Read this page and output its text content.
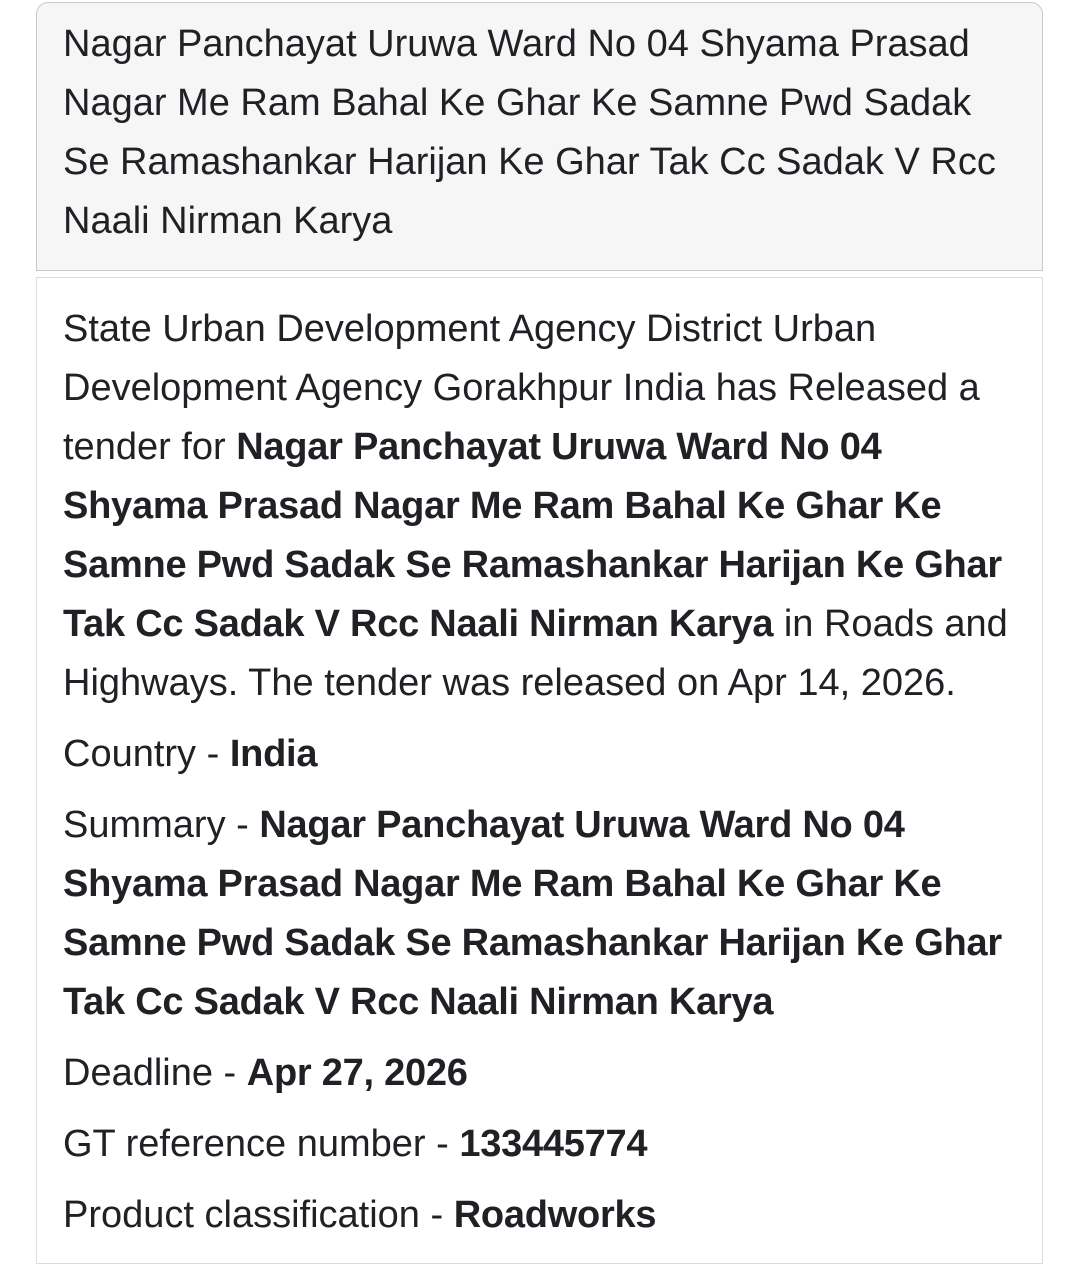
Nagar Panchayat Uruwa Ward No 04 Shyama Prasad Nagar Me Ram Bahal Ke Ghar Ke Samne Pwd Sadak Se Ramashankar Harijan Ke Ghar Tak Cc Sadak V Rcc Naali Nirman Karya

State Urban Development Agency District Urban Development Agency Gorakhpur India has Released a tender for Nagar Panchayat Uruwa Ward No 04 Shyama Prasad Nagar Me Ram Bahal Ke Ghar Ke Samne Pwd Sadak Se Ramashankar Harijan Ke Ghar Tak Cc Sadak V Rcc Naali Nirman Karya in Roads and Highways. The tender was released on Apr 14, 2026.

Country - India

Summary - Nagar Panchayat Uruwa Ward No 04 Shyama Prasad Nagar Me Ram Bahal Ke Ghar Ke Samne Pwd Sadak Se Ramashankar Harijan Ke Ghar Tak Cc Sadak V Rcc Naali Nirman Karya

Deadline - Apr 27, 2026

GT reference number - 133445774

Product classification - Roadworks
